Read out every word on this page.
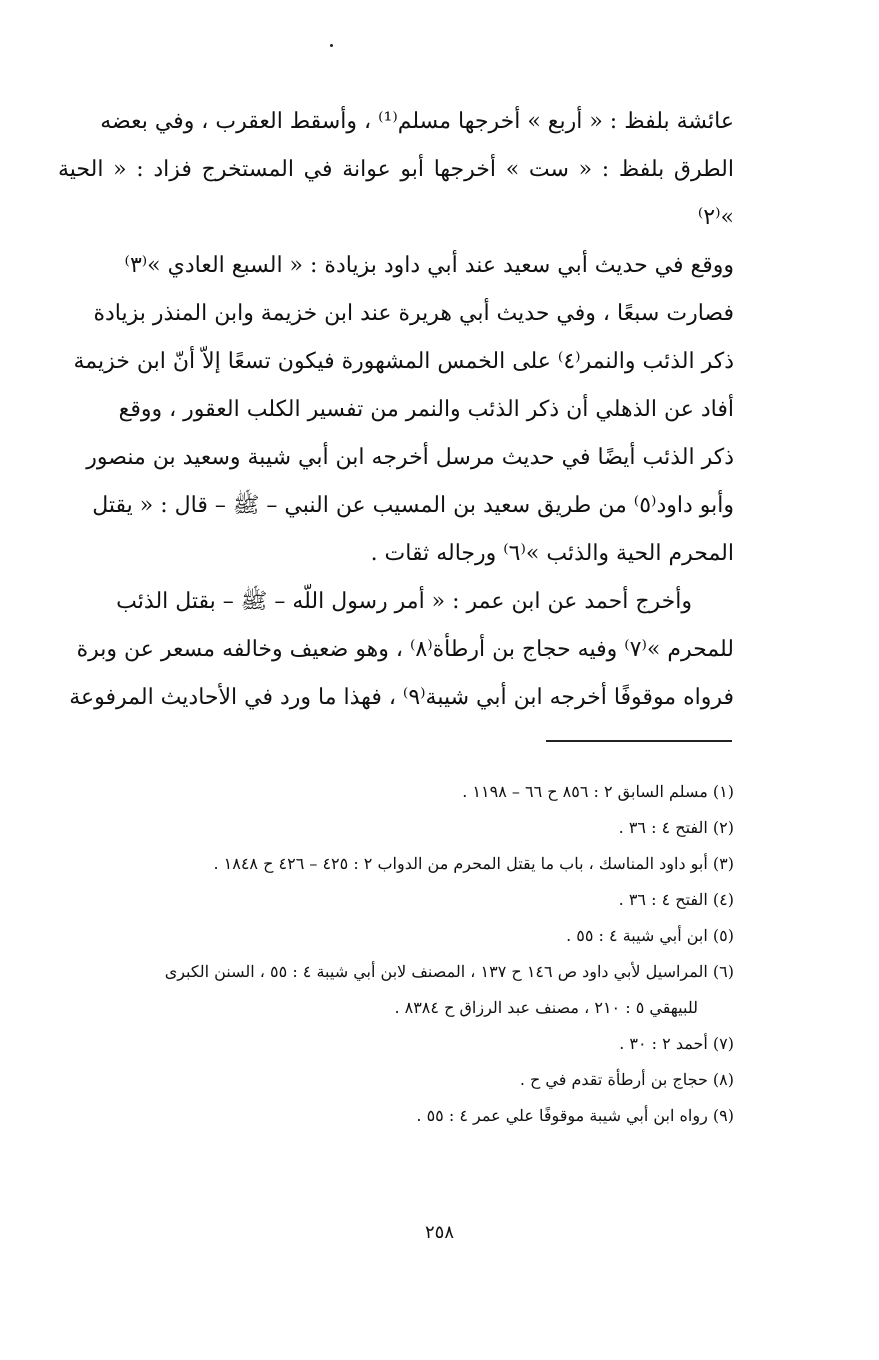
عائشة بلفظ : « أربع » أخرجها مسلم⁽¹⁾ ، وأسقط العقرب ، وفي بعضه

الطرق بلفظ : « ست » أخرجها أبو عوانة في المستخرج فزاد : « الحية »⁽٢⁾

ووقع في حديث أبي سعيد عند أبي داود بزيادة : « السبع العادي »⁽٣⁾

فصارت سبعًا ، وفي حديث أبي هريرة عند ابن خزيمة وابن المنذر بزيادة

ذكر الذئب والنمر⁽٤⁾ على الخمس المشهورة فيكون تسعًا إلاّ أنّ ابن خزيمة

أفاد عن الذهلي أن ذكر الذئب والنمر من تفسير الكلب العقور ، ووقع

ذكر الذئب أيضًا في حديث مرسل أخرجه ابن أبي شيبة وسعيد بن منصور

وأبو داود⁽٥⁾ من طريق سعيد بن المسيب عن النبي – ﷺ – قال : « يقتل

المحرم الحية والذئب »⁽٦⁾ ورجاله ثقات .

وأخرج أحمد عن ابن عمر : « أمر رسول اللّه – ﷺ – بقتل الذئب

للمحرم »⁽٧⁾ وفيه حجاج بن أرطأة⁽٨⁾ ، وهو ضعيف وخالفه مسعر عن وبرة

فرواه موقوفًا أخرجه ابن أبي شيبة⁽٩⁾ ، فهذا ما ورد في الأحاديث المرفوعة

(١) مسلم السابق ٢ : ٨٥٦ ح ٦٦ – ١١٩٨ .

(٢) الفتح ٤ : ٣٦ .

(٣) أبو داود المناسك ، باب ما يقتل المحرم من الدواب ٢ : ٤٢٥ – ٤٢٦ ح ١٨٤٨ .

(٤) الفتح ٤ : ٣٦ .

(٥) ابن أبي شيبة ٤ : ٥٥ .

(٦) المراسيل لأبي داود ص ١٤٦ ح ١٣٧ ، المصنف لابن أبي شيبة ٤ : ٥٥ ، السنن الكبرى

للبيهقي ٥ : ٢١٠ ، مصنف عبد الرزاق ح ٨٣٨٤ .

(٧) أحمد ٢ : ٣٠ .

(٨) حجاج بن أرطأة تقدم في ح .

(٩) رواه ابن أبي شيبة موقوفًا علي عمر ٤ : ٥٥ .

٢٥٨
